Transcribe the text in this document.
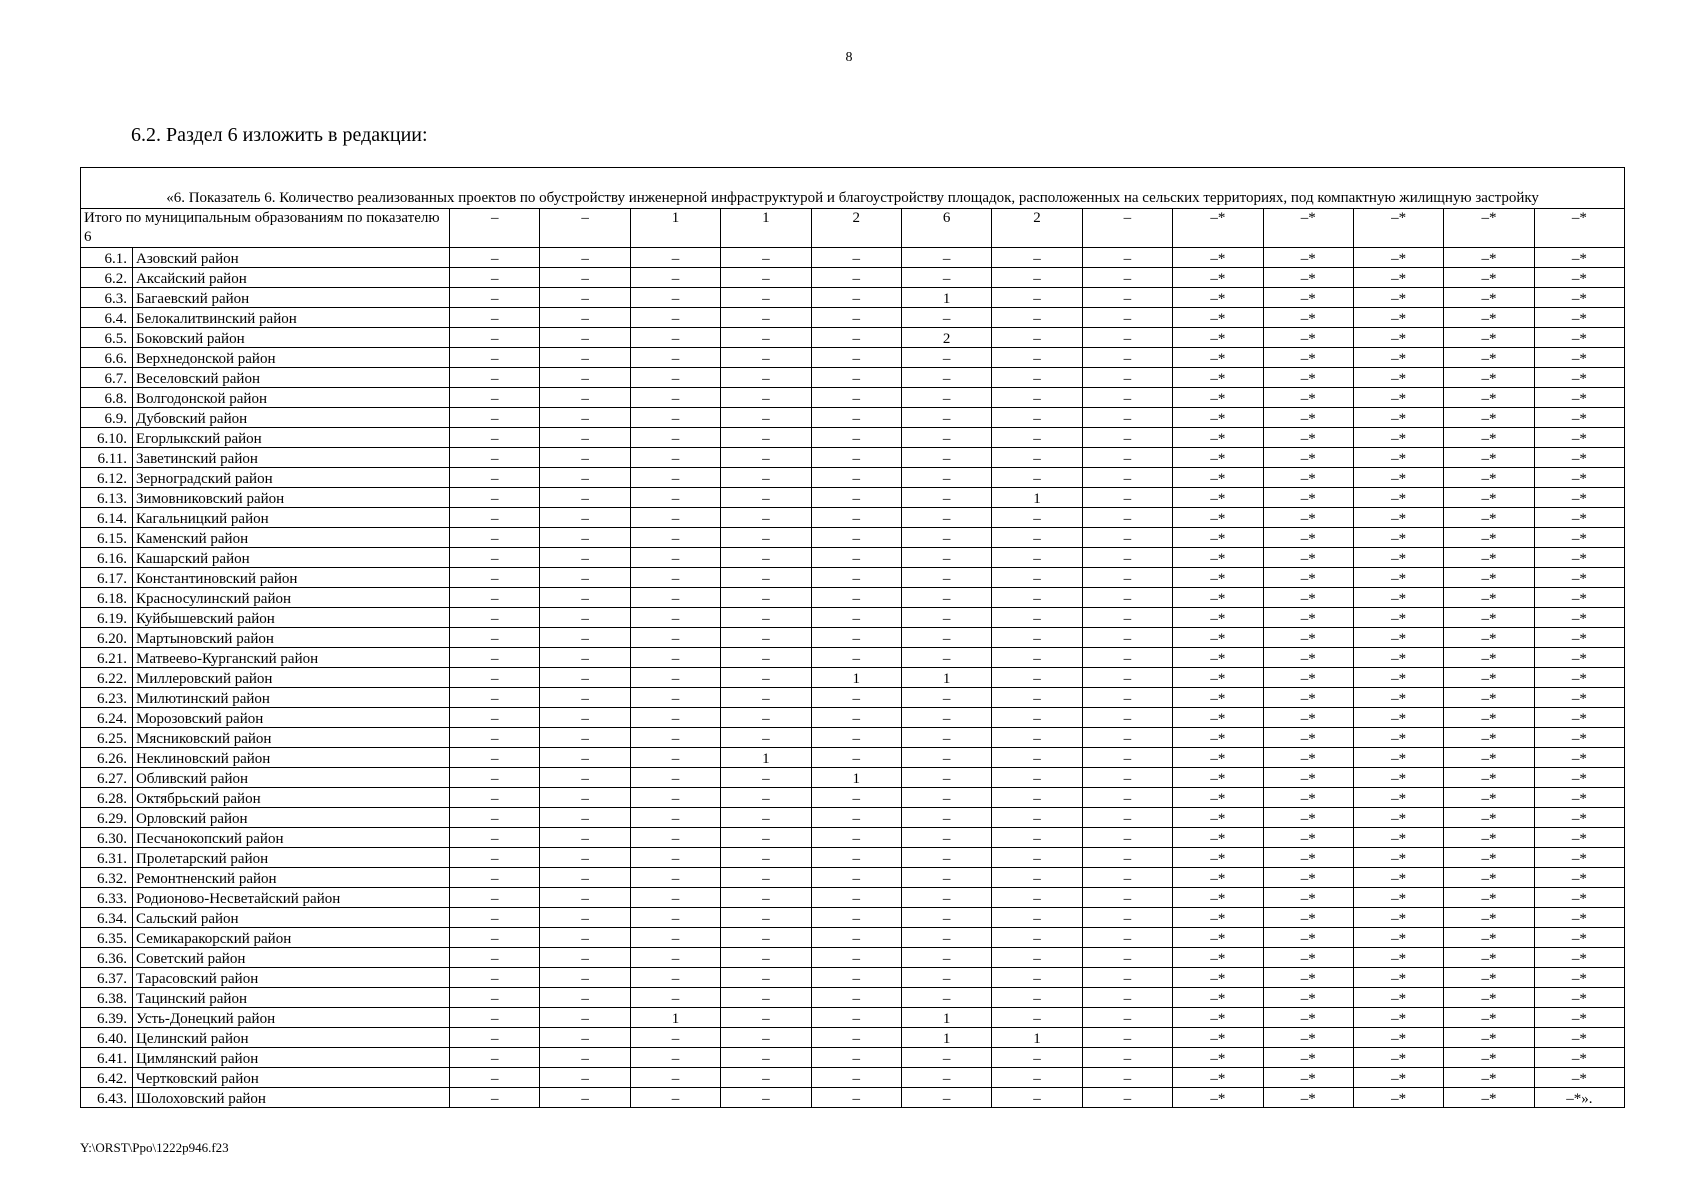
8
6.2. Раздел 6 изложить в редакции:
«6. Показатель 6. Количество реализованных проектов по обустройству инженерной инфраструктурой и благоустройству площадок, расположенных на сельских территориях, под компактную жилищную застройку														
Итого по муниципальным образованиям по показателю 6		–	–	1	1	2	6	2	–	–*	–*	–*	–*	–*
6.1.	Азовский район	–	–	–	–	–	–	–	–	–*	–*	–*	–*	–*
6.2.	Аксайский район	–	–	–	–	–	–	–	–	–*	–*	–*	–*	–*
6.3.	Багаевский район	–	–	–	–	–	1	–	–	–*	–*	–*	–*	–*
6.4.	Белокалитвинский район	–	–	–	–	–	–	–	–	–*	–*	–*	–*	–*
6.5.	Боковский район	–	–	–	–	–	2	–	–	–*	–*	–*	–*	–*
6.6.	Верхнедонской район	–	–	–	–	–	–	–	–	–*	–*	–*	–*	–*
6.7.	Веселовский район	–	–	–	–	–	–	–	–	–*	–*	–*	–*	–*
6.8.	Волгодонской район	–	–	–	–	–	–	–	–	–*	–*	–*	–*	–*
6.9.	Дубовский район	–	–	–	–	–	–	–	–	–*	–*	–*	–*	–*
6.10.	Егорлыкский район	–	–	–	–	–	–	–	–	–*	–*	–*	–*	–*
6.11.	Заветинский район	–	–	–	–	–	–	–	–	–*	–*	–*	–*	–*
6.12.	Зерноградский район	–	–	–	–	–	–	–	–	–*	–*	–*	–*	–*
6.13.	Зимовниковский район	–	–	–	–	–	–	1	–	–*	–*	–*	–*	–*
6.14.	Кагальницкий район	–	–	–	–	–	–	–	–	–*	–*	–*	–*	–*
6.15.	Каменский район	–	–	–	–	–	–	–	–	–*	–*	–*	–*	–*
6.16.	Кашарский район	–	–	–	–	–	–	–	–	–*	–*	–*	–*	–*
6.17.	Константиновский район	–	–	–	–	–	–	–	–	–*	–*	–*	–*	–*
6.18.	Красносулинский район	–	–	–	–	–	–	–	–	–*	–*	–*	–*	–*
6.19.	Куйбышевский район	–	–	–	–	–	–	–	–	–*	–*	–*	–*	–*
6.20.	Мартыновский район	–	–	–	–	–	–	–	–	–*	–*	–*	–*	–*
6.21.	Матвеево-Курганский район	–	–	–	–	–	–	–	–	–*	–*	–*	–*	–*
6.22.	Миллеровский район	–	–	–	–	1	1	–	–	–*	–*	–*	–*	–*
6.23.	Милютинский район	–	–	–	–	–	–	–	–	–*	–*	–*	–*	–*
6.24.	Морозовский район	–	–	–	–	–	–	–	–	–*	–*	–*	–*	–*
6.25.	Мясниковский район	–	–	–	–	–	–	–	–	–*	–*	–*	–*	–*
6.26.	Неклиновский район	–	–	–	1	–	–	–	–	–*	–*	–*	–*	–*
6.27.	Обливский район	–	–	–	–	1	–	–	–	–*	–*	–*	–*	–*
6.28.	Октябрьский район	–	–	–	–	–	–	–	–	–*	–*	–*	–*	–*
6.29.	Орловский район	–	–	–	–	–	–	–	–	–*	–*	–*	–*	–*
6.30.	Песчанокопский район	–	–	–	–	–	–	–	–	–*	–*	–*	–*	–*
6.31.	Пролетарский район	–	–	–	–	–	–	–	–	–*	–*	–*	–*	–*
6.32.	Ремонтненский район	–	–	–	–	–	–	–	–	–*	–*	–*	–*	–*
6.33.	Родионово-Несветайский район	–	–	–	–	–	–	–	–	–*	–*	–*	–*	–*
6.34.	Сальский район	–	–	–	–	–	–	–	–	–*	–*	–*	–*	–*
6.35.	Семикаракорский район	–	–	–	–	–	–	–	–	–*	–*	–*	–*	–*
6.36.	Советский район	–	–	–	–	–	–	–	–	–*	–*	–*	–*	–*
6.37.	Тарасовский район	–	–	–	–	–	–	–	–	–*	–*	–*	–*	–*
6.38.	Тацинский район	–	–	–	–	–	–	–	–	–*	–*	–*	–*	–*
6.39.	Усть-Донецкий район	–	–	1	–	–	1	–	–	–*	–*	–*	–*	–*
6.40.	Целинский район	–	–	–	–	–	1	1	–	–*	–*	–*	–*	–*
6.41.	Цимлянский район	–	–	–	–	–	–	–	–	–*	–*	–*	–*	–*
6.42.	Чертковский район	–	–	–	–	–	–	–	–	–*	–*	–*	–*	–*
6.43.	Шолоховский район	–	–	–	–	–	–	–	–	–*	–*	–*	–*	–*».
Y:\ORST\Ppo\1222p946.f23
